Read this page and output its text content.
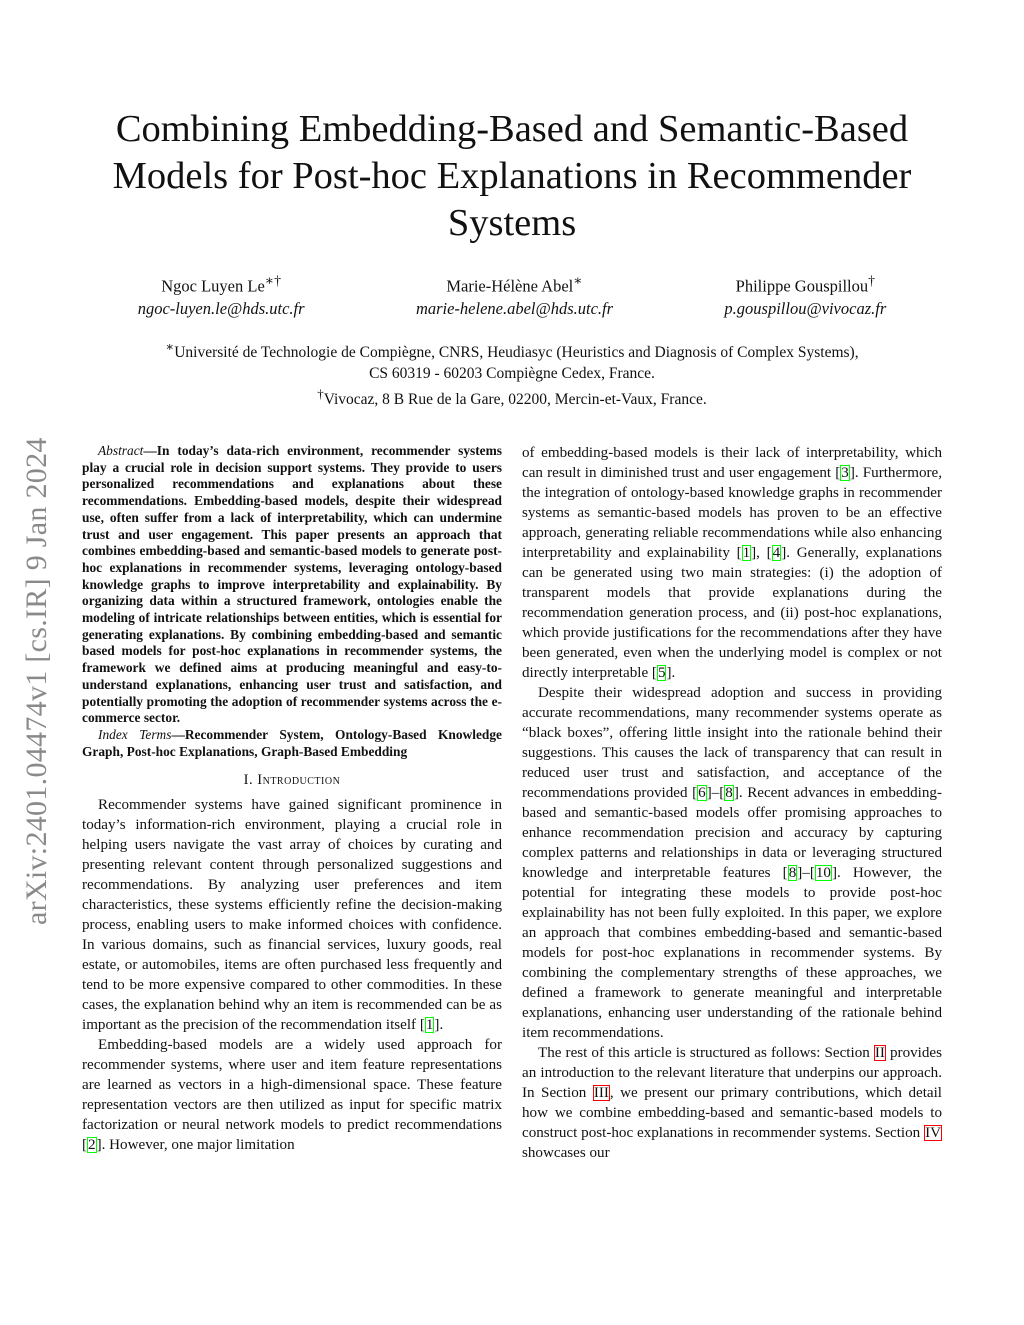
arXiv:2401.04474v1 [cs.IR] 9 Jan 2024
Combining Embedding-Based and Semantic-Based
Models for Post-hoc Explanations in Recommender
Systems
Ngoc Luyen Le∗†
ngoc-luyen.le@hds.utc.fr
Marie-Hélène Abel∗
marie-helene.abel@hds.utc.fr
Philippe Gouspillou†
p.gouspillou@vivocaz.fr
∗Université de Technologie de Compiègne, CNRS, Heudiasyc (Heuristics and Diagnosis of Complex Systems),
CS 60319 - 60203 Compiègne Cedex, France.
†Vivocaz, 8 B Rue de la Gare, 02200, Mercin-et-Vaux, France.

Abstract—In today’s data-rich environment, recommender systems play a crucial role in decision support systems. They provide to users personalized recommendations and explanations about these recommendations. Embedding-based models, despite their widespread use, often suffer from a lack of interpretability, which can undermine trust and user engagement. This paper presents an approach that combines embedding-based and semantic-based models to generate post-hoc explanations in recommender systems, leveraging ontology-based knowledge graphs to improve interpretability and explainability. By organizing data within a structured framework, ontologies enable the modeling of intricate relationships between entities, which is essential for generating explanations. By combining embedding-based and semantic based models for post-hoc explanations in recommender systems, the framework we defined aims at producing meaningful and easy-to-understand explanations, enhancing user trust and satisfaction, and potentially promoting the adoption of recommender systems across the e-commerce sector.

Index Terms—Recommender System, Ontology-Based Knowledge Graph, Post-hoc Explanations, Graph-Based Embedding

I. Introduction

Recommender systems have gained significant prominence in today’s information-rich environment, playing a crucial role in helping users navigate the vast array of choices by curating and presenting relevant content through personalized suggestions and recommendations. By analyzing user preferences and item characteristics, these systems efficiently refine the decision-making process, enabling users to make informed choices with confidence. In various domains, such as financial services, luxury goods, real estate, or automobiles, items are often purchased less frequently and tend to be more expensive compared to other commodities. In these cases, the explanation behind why an item is recommended can be as important as the precision of the recommendation itself [1].

Embedding-based models are a widely used approach for recommender systems, where user and item feature representations are learned as vectors in a high-dimensional space. These feature representation vectors are then utilized as input for specific matrix factorization or neural network models to predict recommendations [2]. However, one major limitation

of embedding-based models is their lack of interpretability, which can result in diminished trust and user engagement [3]. Furthermore, the integration of ontology-based knowledge graphs in recommender systems as semantic-based models has proven to be an effective approach, generating reliable recommendations while also enhancing interpretability and explainability [1], [4]. Generally, explanations can be generated using two main strategies: (i) the adoption of transparent models that provide explanations during the recommendation generation process, and (ii) post-hoc explanations, which provide justifications for the recommendations after they have been generated, even when the underlying model is complex or not directly interpretable [5].

Despite their widespread adoption and success in providing accurate recommendations, many recommender systems operate as “black boxes”, offering little insight into the rationale behind their suggestions. This causes the lack of transparency that can result in reduced user trust and satisfaction, and acceptance of the recommendations provided [6]–[8]. Recent advances in embedding-based and semantic-based models offer promising approaches to enhance recommendation precision and accuracy by capturing complex patterns and relationships in data or leveraging structured knowledge and interpretable features [8]–[10]. However, the potential for integrating these models to provide post-hoc explainability has not been fully exploited. In this paper, we explore an approach that combines embedding-based and semantic-based models for post-hoc explanations in recommender systems. By combining the complementary strengths of these approaches, we defined a framework to generate meaningful and interpretable explanations, enhancing user understanding of the rationale behind item recommendations.

The rest of this article is structured as follows: Section II provides an introduction to the relevant literature that underpins our approach. In Section III, we present our primary contributions, which detail how we combine embedding-based and semantic-based models to construct post-hoc explanations in recommender systems. Section IV showcases our
